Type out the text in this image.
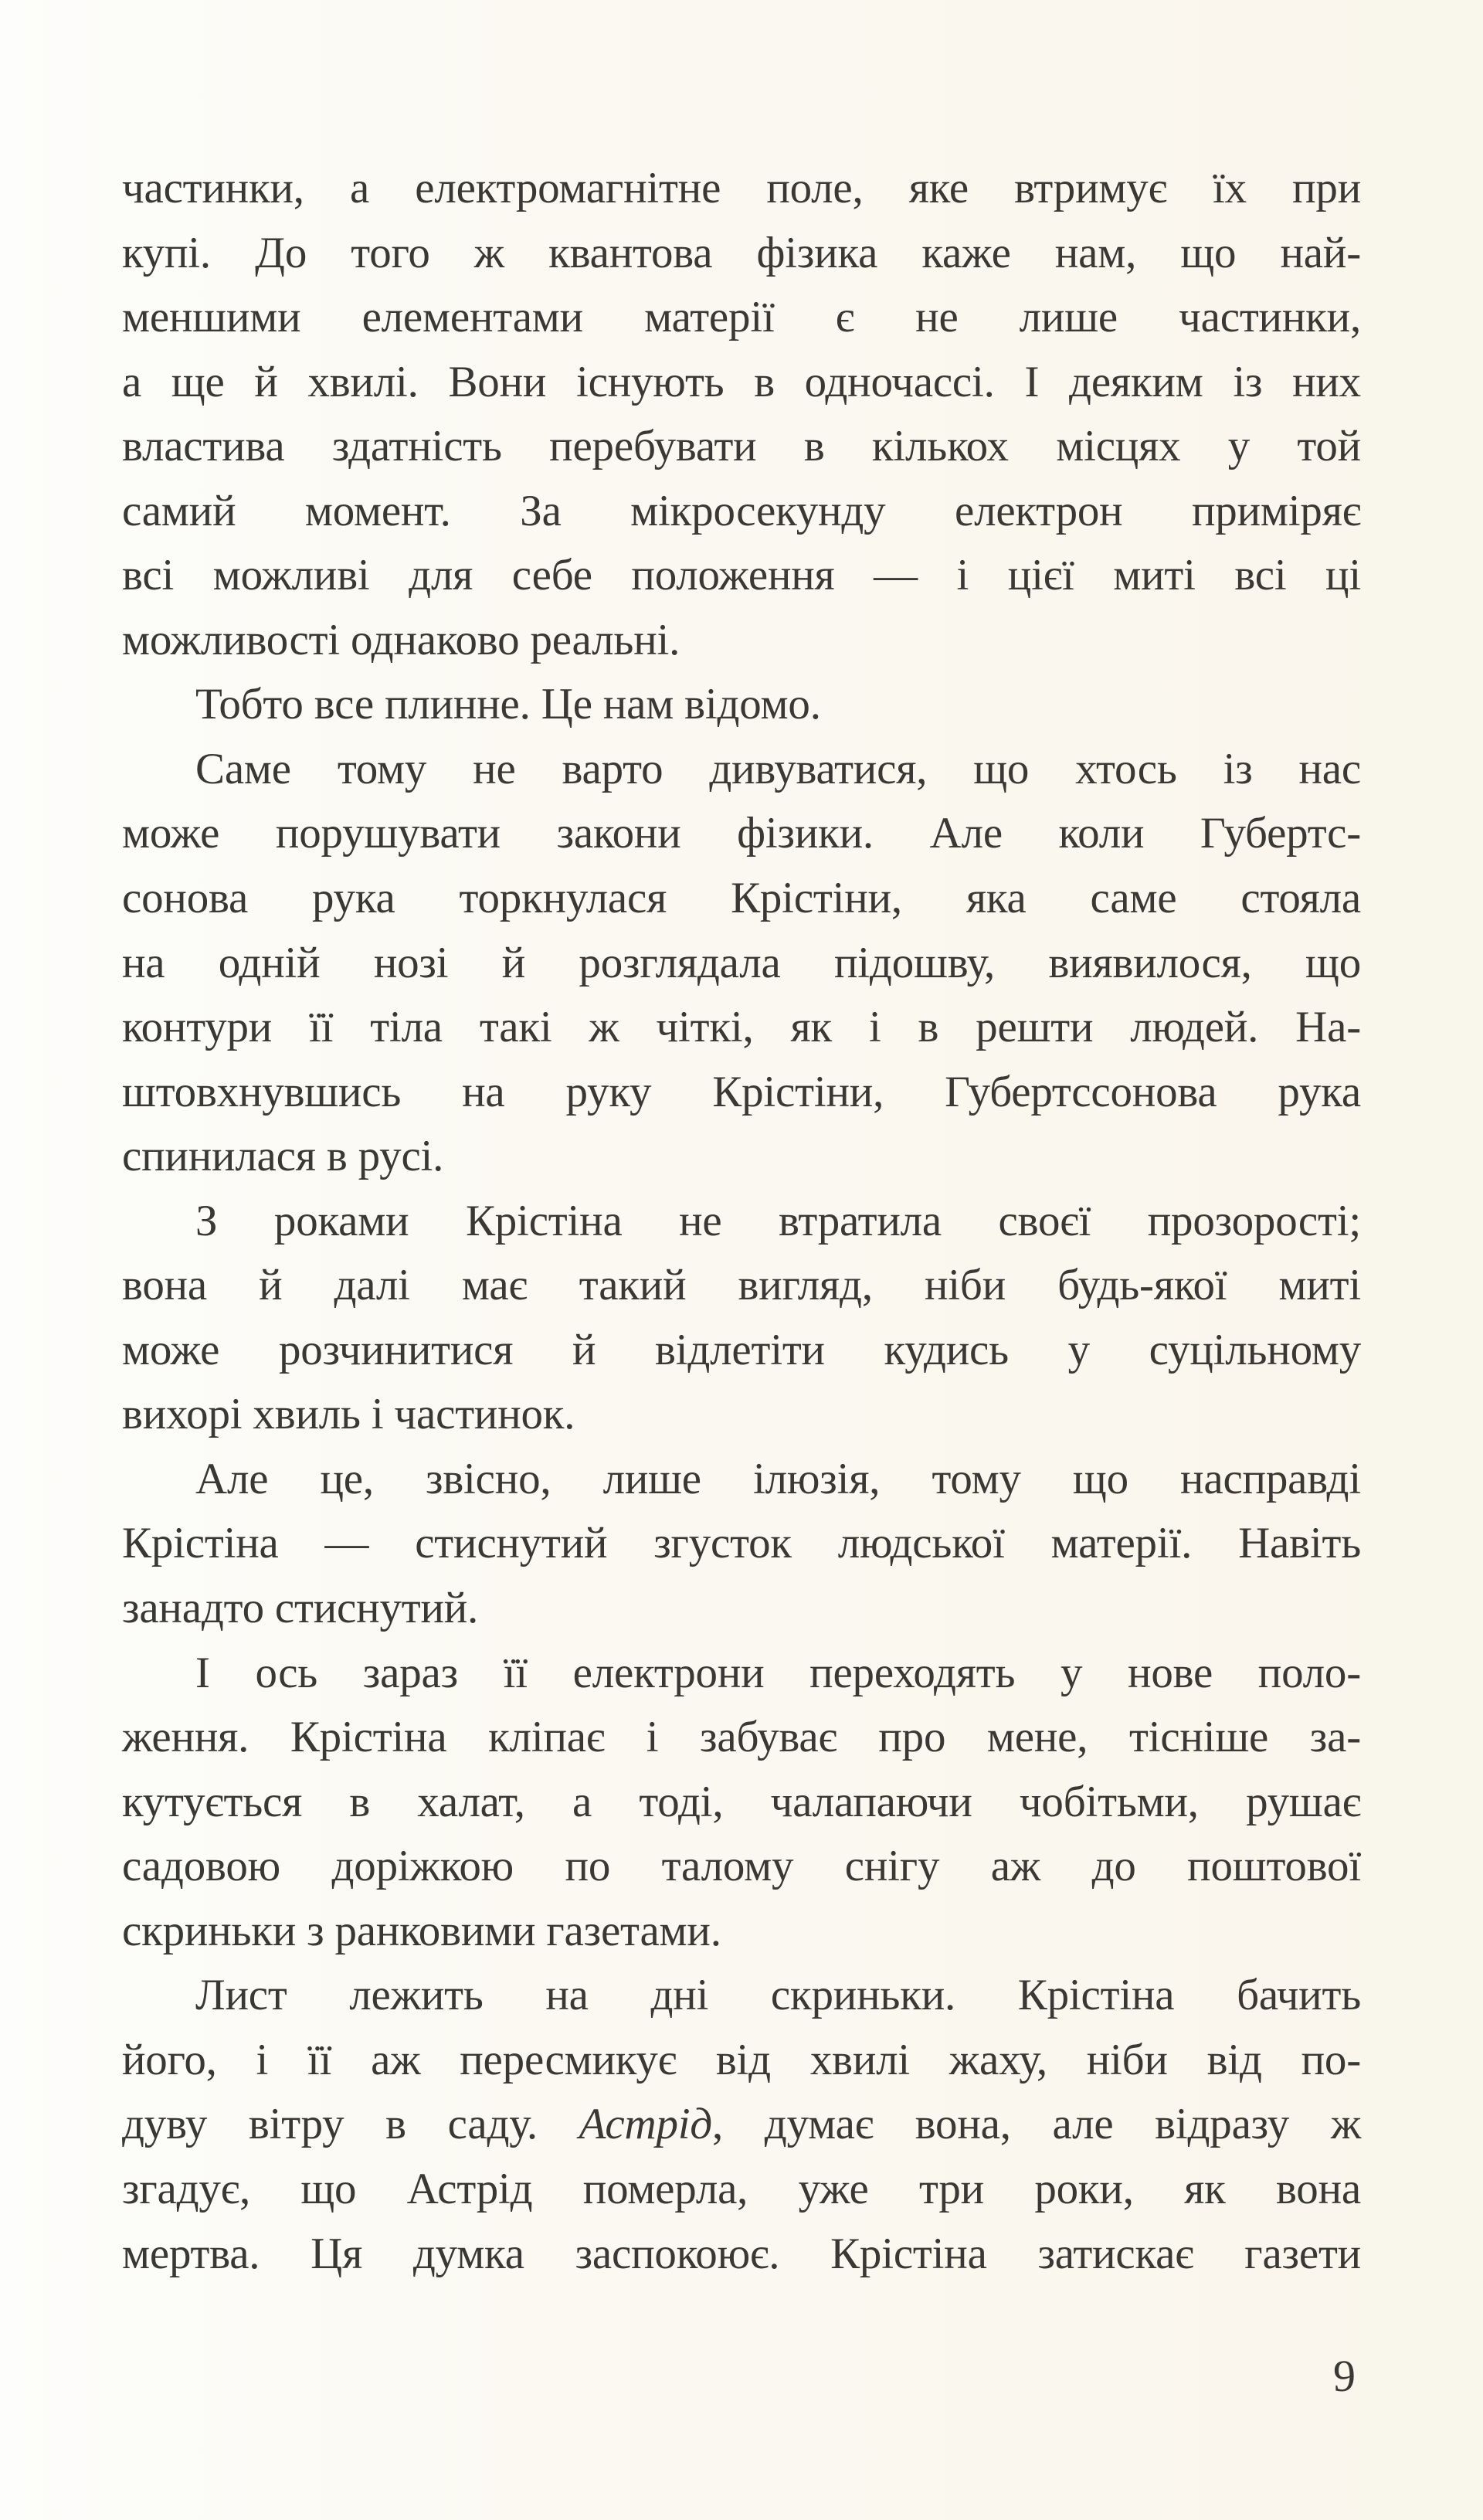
частинки, а електромагнітне поле, яке втримує їх при
купі. До того ж квантова фізика каже нам, що най-
меншими елементами матерії є не лише частинки,
а ще й хвилі. Вони існують в одночассі. І деяким із них
властива здатність перебувати в кількох місцях у той
самий момент. За мікросекунду електрон приміряє
всі можливі для себе положення — і цієї миті всі ці
можливості однаково реальні.
Тобто все плинне. Це нам відомо.
Саме тому не варто дивуватися, що хтось із нас
може порушувати закони фізики. Але коли Губертс-
сонова рука торкнулася Крістіни, яка саме стояла
на одній нозі й розглядала підошву, виявилося, що
контури її тіла такі ж чіткі, як і в решти людей. На-
штовхнувшись на руку Крістіни, Губертссонова рука
спинилася в русі.
З роками Крістіна не втратила своєї прозорості;
вона й далі має такий вигляд, ніби будь-якої миті
може розчинитися й відлетіти кудись у суцільному
вихорі хвиль і частинок.
Але це, звісно, лише ілюзія, тому що насправді
Крістіна — стиснутий згусток людської матерії. Навіть
занадто стиснутий.
І ось зараз її електрони переходять у нове поло-
ження. Крістіна кліпає і забуває про мене, тісніше за-
кутується в халат, а тоді, чалапаючи чобітьми, рушає
садовою доріжкою по талому снігу аж до поштової
скриньки з ранковими газетами.
Лист лежить на дні скриньки. Крістіна бачить
його, і її аж пересмикує від хвилі жаху, ніби від по-
дуву вітру в саду. Астрід, думає вона, але відразу ж
згадує, що Астрід померла, уже три роки, як вона
мертва. Ця думка заспокоює. Крістіна затискає газети
9
